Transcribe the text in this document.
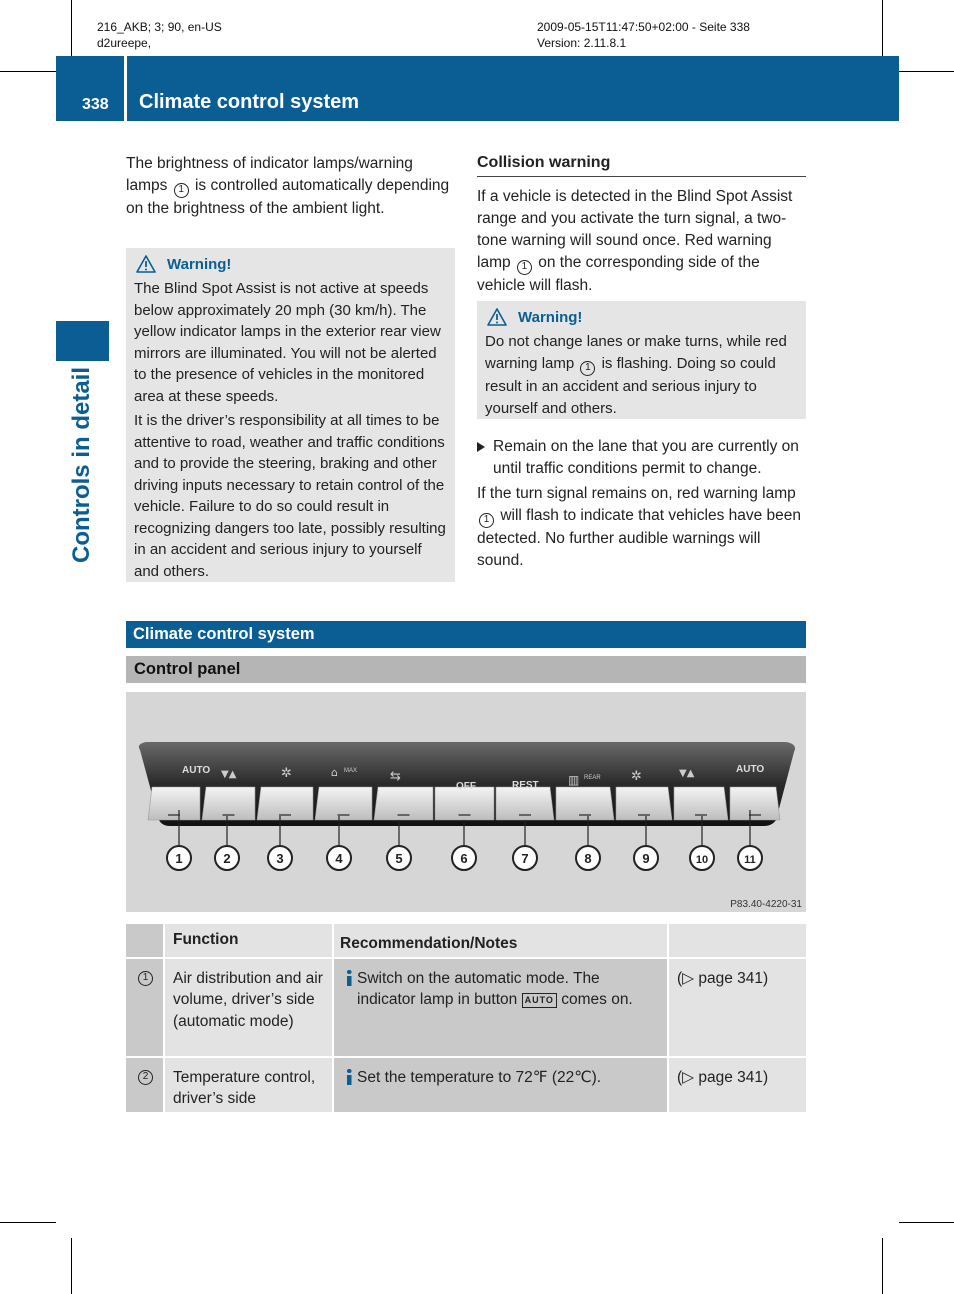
216_AKB; 3; 90, en-US
d2ureepe,
2009-05-15T11:47:50+02:00 - Seite 338
Version: 2.11.8.1
338 Climate control system
Controls in detail
The brightness of indicator lamps/warning lamps 1 is controlled automatically depending on the brightness of the ambient light.
Warning!

The Blind Spot Assist is not active at speeds below approximately 20 mph (30 km/h). The yellow indicator lamps in the exterior rear view mirrors are illuminated. You will not be alerted to the presence of vehicles in the monitored area at these speeds.

It is the driver’s responsibility at all times to be attentive to road, weather and traffic conditions and to provide the steering, braking and other driving inputs necessary to retain control of the vehicle. Failure to do so could result in recognizing dangers too late, possibly resulting in an accident and serious injury to yourself and others.

Collision warning
If a vehicle is detected in the Blind Spot Assist range and you activate the turn signal, a two-tone warning will sound once. Red warning lamp 1 on the corresponding side of the vehicle will flash.
Warning!
Do not change lanes or make turns, while red warning lamp 1 is flashing. Doing so could result in an accident and serious injury to yourself and others.
Remain on the lane that you are currently on until traffic conditions permit to change.
If the turn signal remains on, red warning lamp 1 will flash to indicate that vehicles have been detected. No further audible warnings will sound.
Climate control system
Control panel
AUTO ▼▲	✲	⌂ MAX	⇆
OFF	REST ▥ REAR ✲	▼▲	AUTO
1	2	3	4	5	6	7	8	9	10	11
P83.40-4220-31
	Function	Recommendation/Notes	
1	Air distribution and air volume, driver’s side (automatic mode)	Switch on the automatic mode. The indicator lamp in button AUTO comes on.	(▷ page 341)
2	Temperature control, driver’s side	Set the temperature to 72℉ (22℃).	(▷ page 341)
